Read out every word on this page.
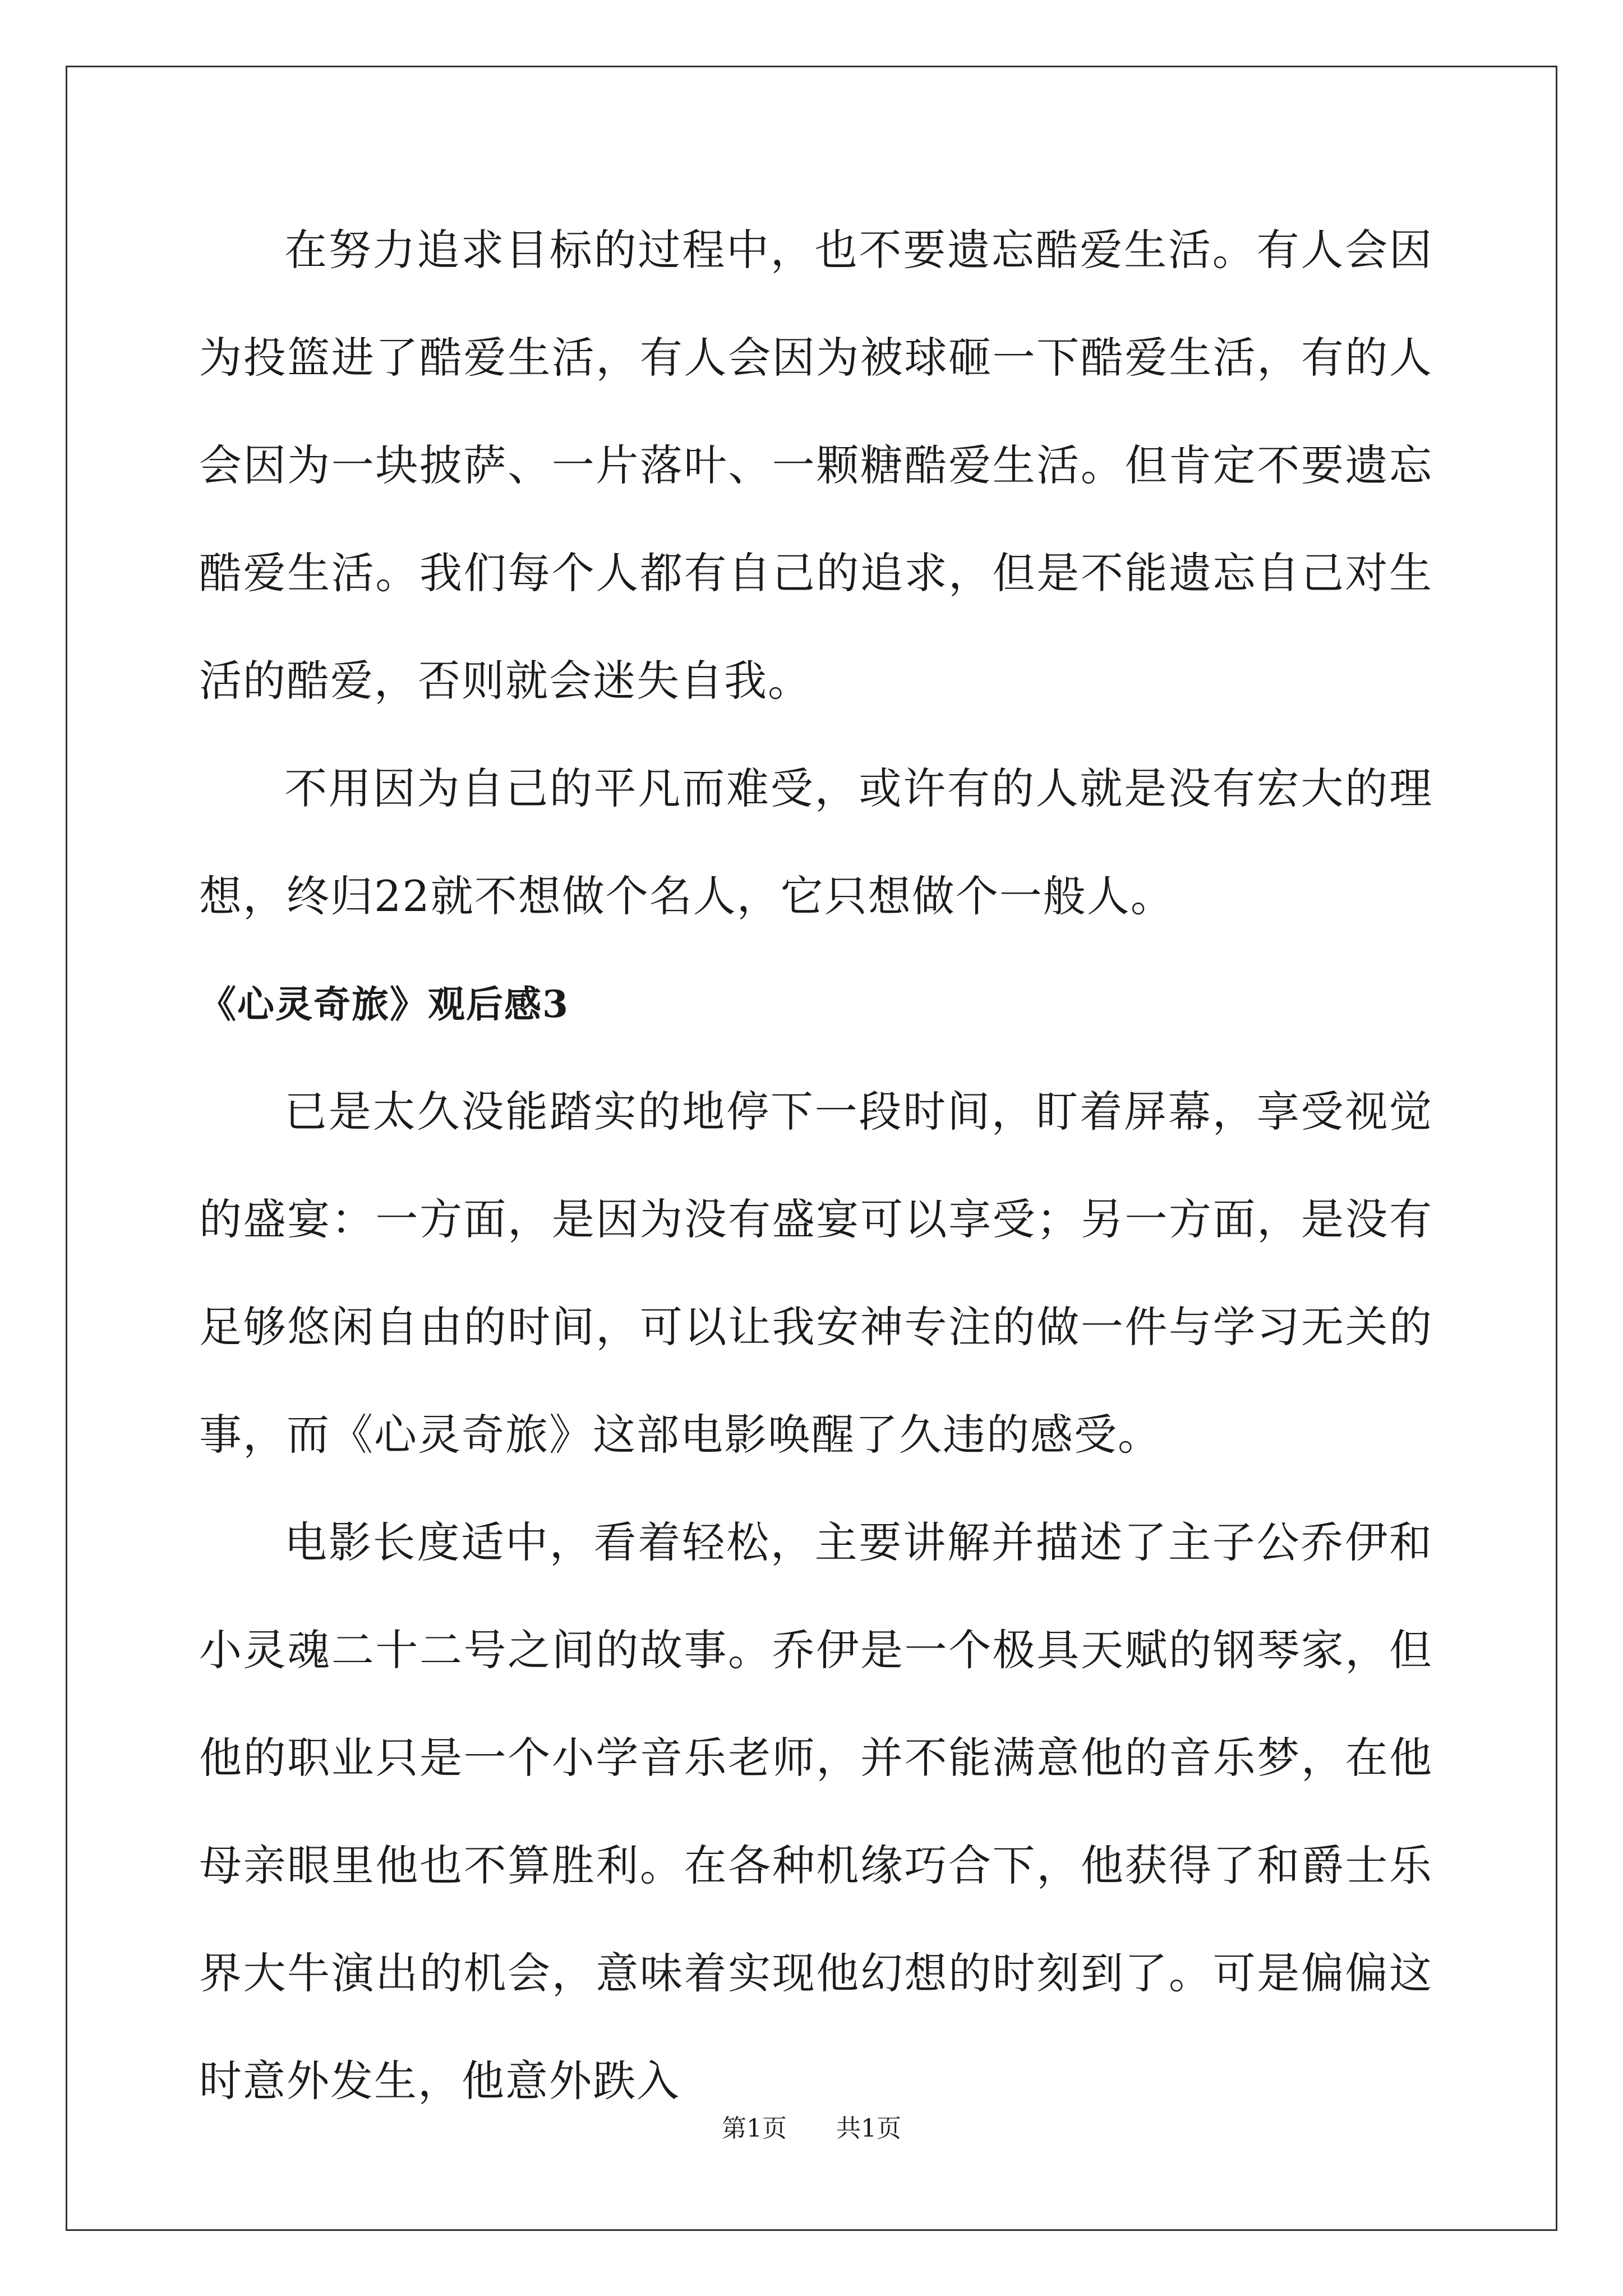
在努力追求目标的过程中，也不要遗忘酷爱生活。有人会因为投篮进了酷爱生活，有人会因为被球砸一下酷爱生活，有的人会因为一块披萨、一片落叶、一颗糖酷爱生活。但肯定不要遗忘酷爱生活。我们每个人都有自己的追求，但是不能遗忘自己对生活的酷爱，否则就会迷失自我。

不用因为自己的平凡而难受，或许有的人就是没有宏大的理想，终归22就不想做个名人，它只想做个一般人。

《心灵奇旅》观后感3

已是太久没能踏实的地停下一段时间，盯着屏幕，享受视觉的盛宴：一方面，是因为没有盛宴可以享受；另一方面，是没有足够悠闲自由的时间，可以让我安神专注的做一件与学习无关的事，而《心灵奇旅》这部电影唤醒了久违的感受。

电影长度适中，看着轻松，主要讲解并描述了主子公乔伊和小灵魂二十二号之间的故事。乔伊是一个极具天赋的钢琴家，但他的职业只是一个小学音乐老师，并不能满意他的音乐梦，在他母亲眼里他也不算胜利。在各种机缘巧合下，他获得了和爵士乐界大牛演出的机会，意味着实现他幻想的时刻到了。可是偏偏这时意外发生，他意外跌入

第1页 共1页
